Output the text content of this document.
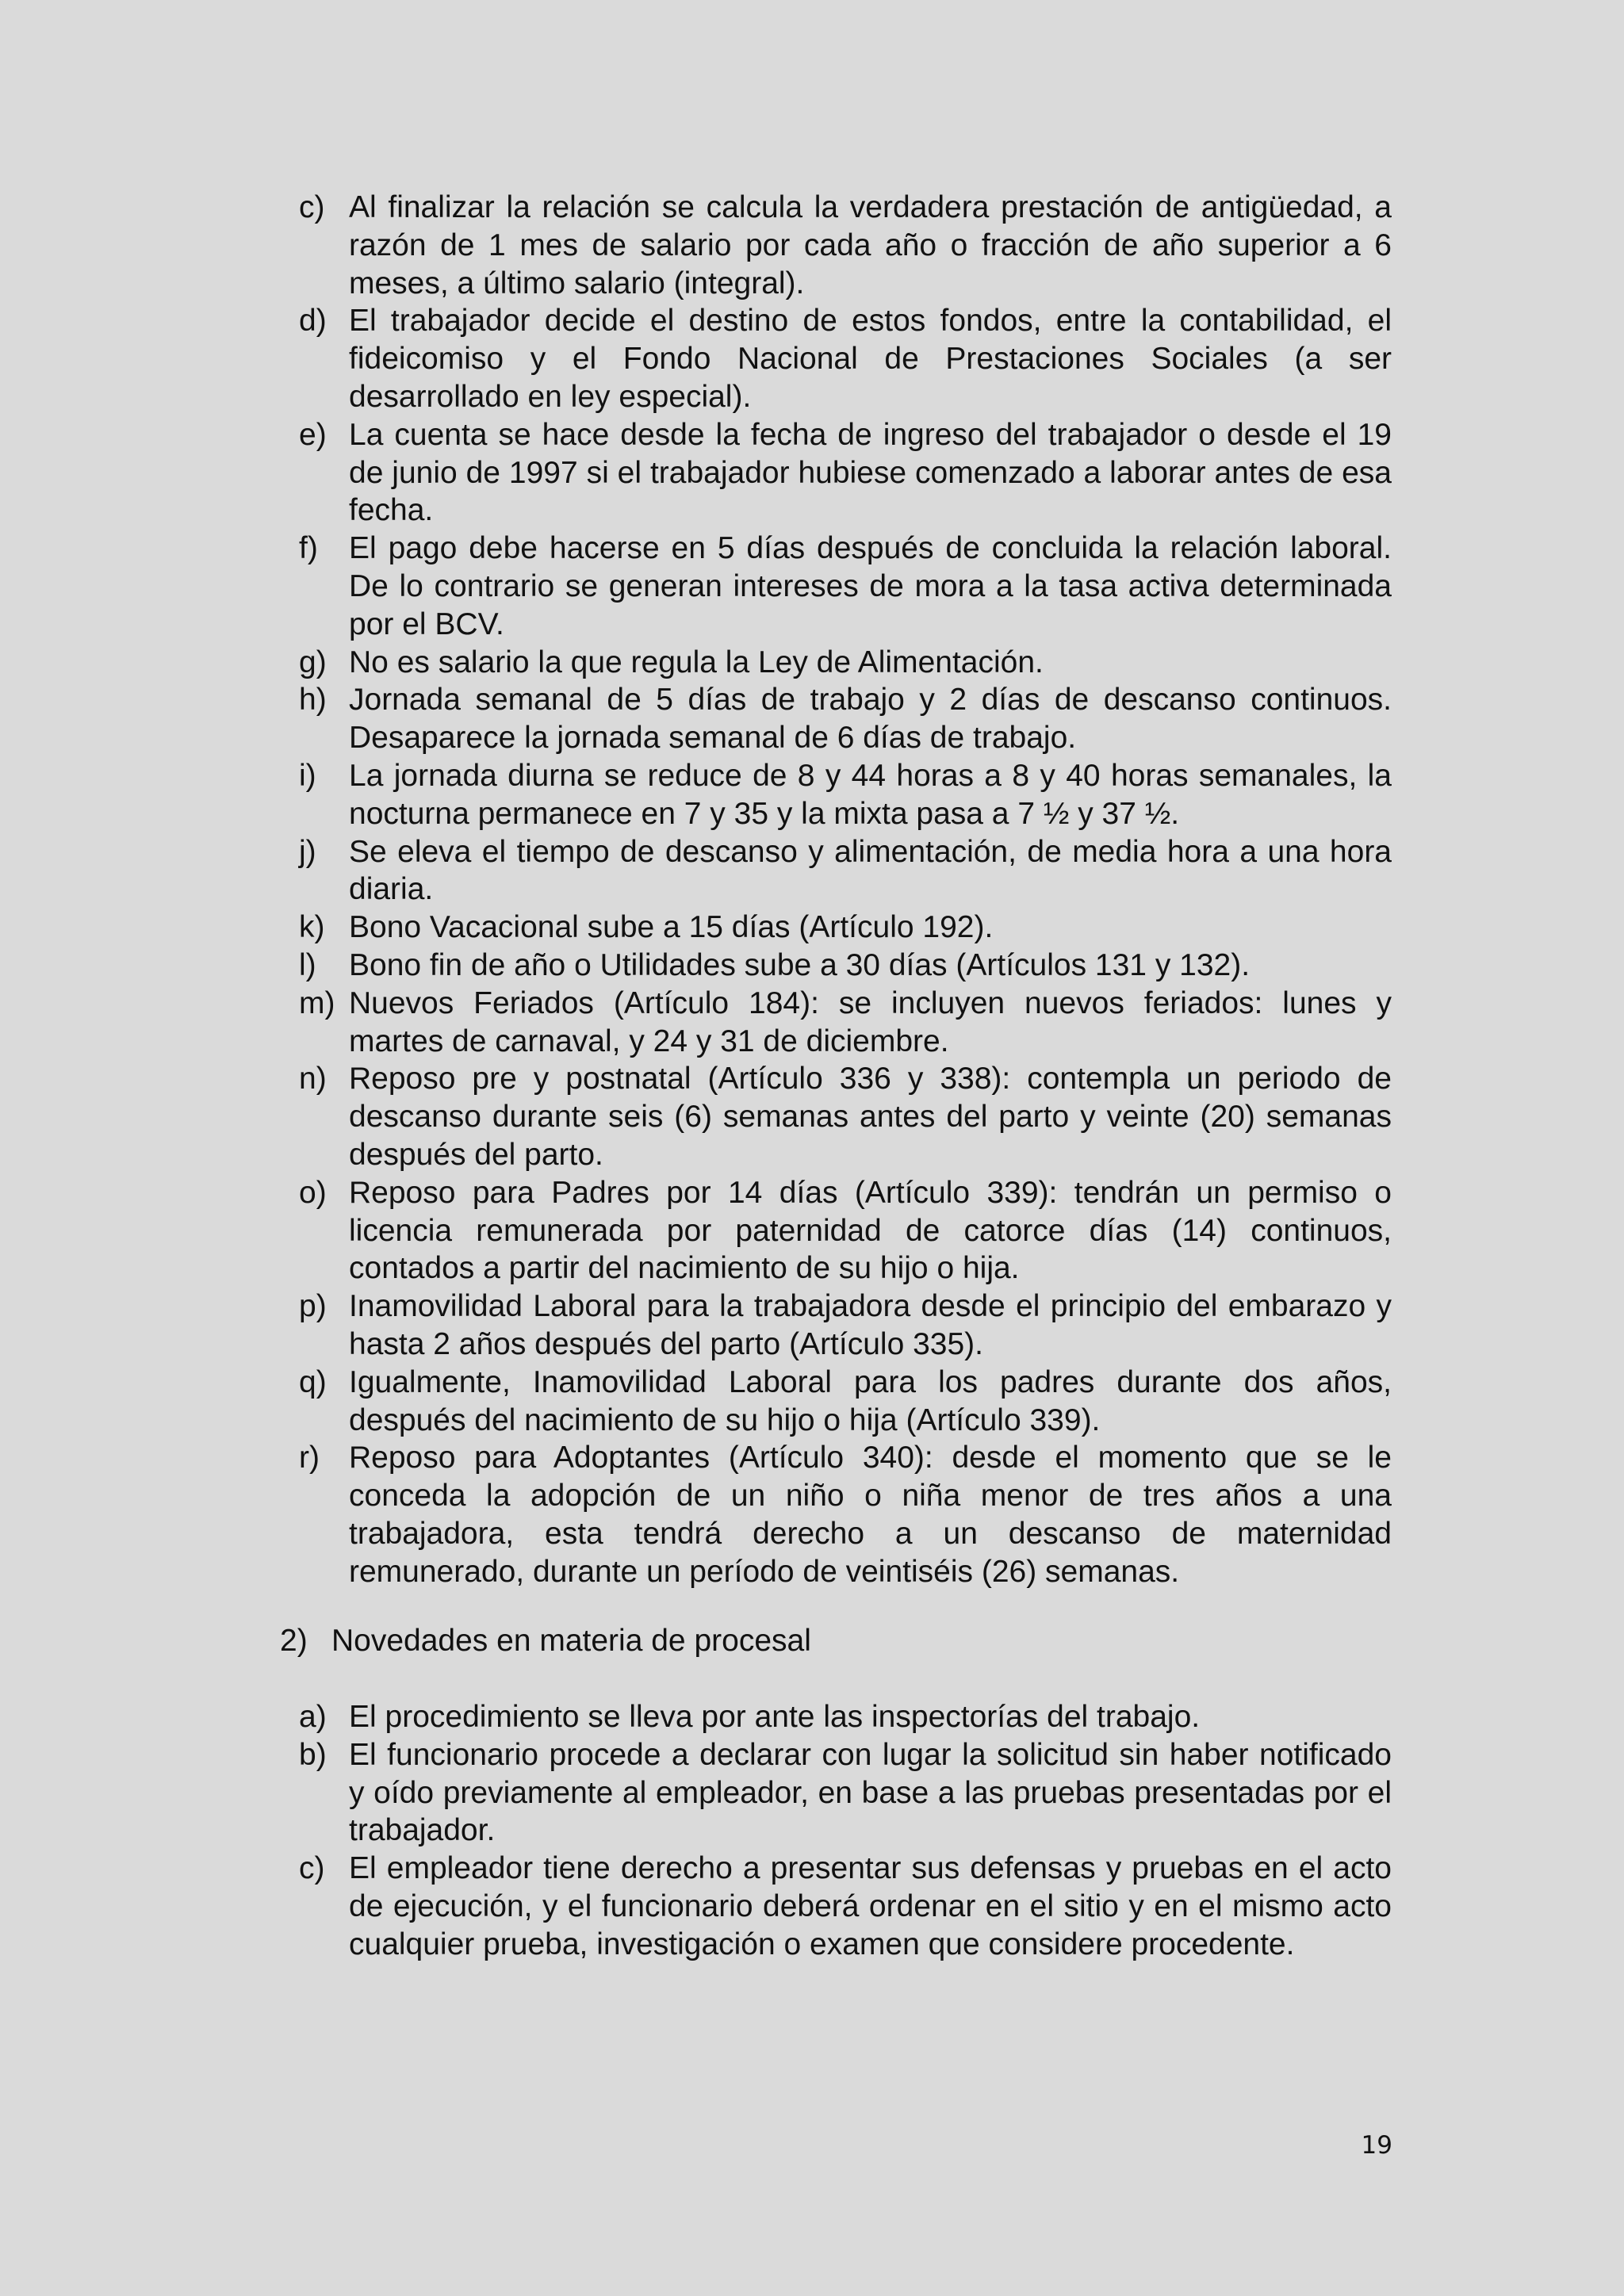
c) Al finalizar la relación se calcula la verdadera prestación de antigüedad, a razón de 1 mes de salario por cada año o fracción de año superior a 6 meses, a último salario (integral).
d) El trabajador decide el destino de estos fondos, entre la contabilidad, el fideicomiso y el Fondo Nacional de Prestaciones Sociales (a ser desarrollado en ley especial).
e) La cuenta se hace desde la fecha de ingreso del trabajador o desde el 19 de junio de 1997 si el trabajador hubiese comenzado a laborar antes de esa fecha.
f) El pago debe hacerse en 5 días después de concluida la relación laboral. De lo contrario se generan intereses de mora a la tasa activa determinada por el BCV.
g) No es salario la que regula la Ley de Alimentación.
h) Jornada semanal de 5 días de trabajo y 2 días de descanso continuos. Desaparece la jornada semanal de 6 días de trabajo.
i) La jornada diurna se reduce de 8 y 44 horas a 8 y 40 horas semanales, la nocturna permanece en 7 y 35 y la mixta pasa a 7 ½ y 37 ½.
j) Se eleva el tiempo de descanso y alimentación, de media hora a una hora diaria.
k) Bono Vacacional sube a 15 días (Artículo 192).
l) Bono fin de año o Utilidades sube a 30 días (Artículos 131 y 132).
m) Nuevos Feriados (Artículo 184): se incluyen nuevos feriados: lunes y martes de carnaval, y 24 y 31 de diciembre.
n) Reposo pre y postnatal (Artículo 336 y 338): contempla un periodo de descanso durante seis (6) semanas antes del parto y veinte (20) semanas después del parto.
o) Reposo para Padres por 14 días (Artículo 339): tendrán un permiso o licencia remunerada por paternidad de catorce días (14) continuos, contados a partir del nacimiento de su hijo o hija.
p) Inamovilidad Laboral para la trabajadora desde el principio del embarazo y hasta 2 años después del parto (Artículo 335).
q) Igualmente, Inamovilidad Laboral para los padres durante dos años, después del nacimiento de su hijo o hija (Artículo 339).
r) Reposo para Adoptantes (Artículo 340): desde el momento que se le conceda la adopción de un niño o niña menor de tres años a una trabajadora, esta tendrá derecho a un descanso de maternidad remunerado, durante un período de veintiséis (26) semanas.
2) Novedades en materia de procesal
a) El procedimiento se lleva por ante las inspectorías del trabajo.
b) El funcionario procede a declarar con lugar la solicitud sin haber notificado y oído previamente al empleador, en base a las pruebas presentadas por el trabajador.
c) El empleador tiene derecho a presentar sus defensas y pruebas en el acto de ejecución, y el funcionario deberá ordenar en el sitio y en el mismo acto cualquier prueba, investigación o examen que considere procedente.
19
